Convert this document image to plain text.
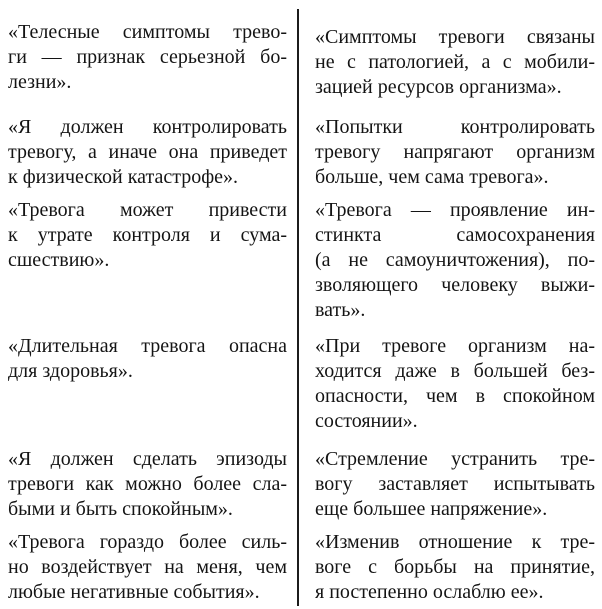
«Телесные симптомы трево-
ги — признак серьезной бо-
лезни».
«Симптомы тревоги связаны
не с патологией, а с мобили-
зацией ресурсов организма».
«Я должен контролировать
тревогу, а иначе она приведет
к физической катастрофе».
«Попытки контролировать
тревогу напрягают организм
больше, чем сама тревога».
«Тревога может привести
к утрате контроля и сума-
сшествию».
«Тревога — проявление ин-
стинкта самосохранения
(а не самоуничтожения), по-
зволяющего человеку выжи-
вать».
«Длительная тревога опасна
для здоровья».
«При тревоге организм на-
ходится даже в большей без-
опасности, чем в спокойном
состоянии».
«Я должен сделать эпизоды
тревоги как можно более сла-
быми и быть спокойным».
«Стремление устранить тре-
вогу заставляет испытывать
еще большее напряжение».
«Тревога гораздо более силь-
но воздействует на меня, чем
любые негативные события».
«Изменив отношение к тре-
воге с борьбы на принятие,
я постепенно ослаблю ее».
